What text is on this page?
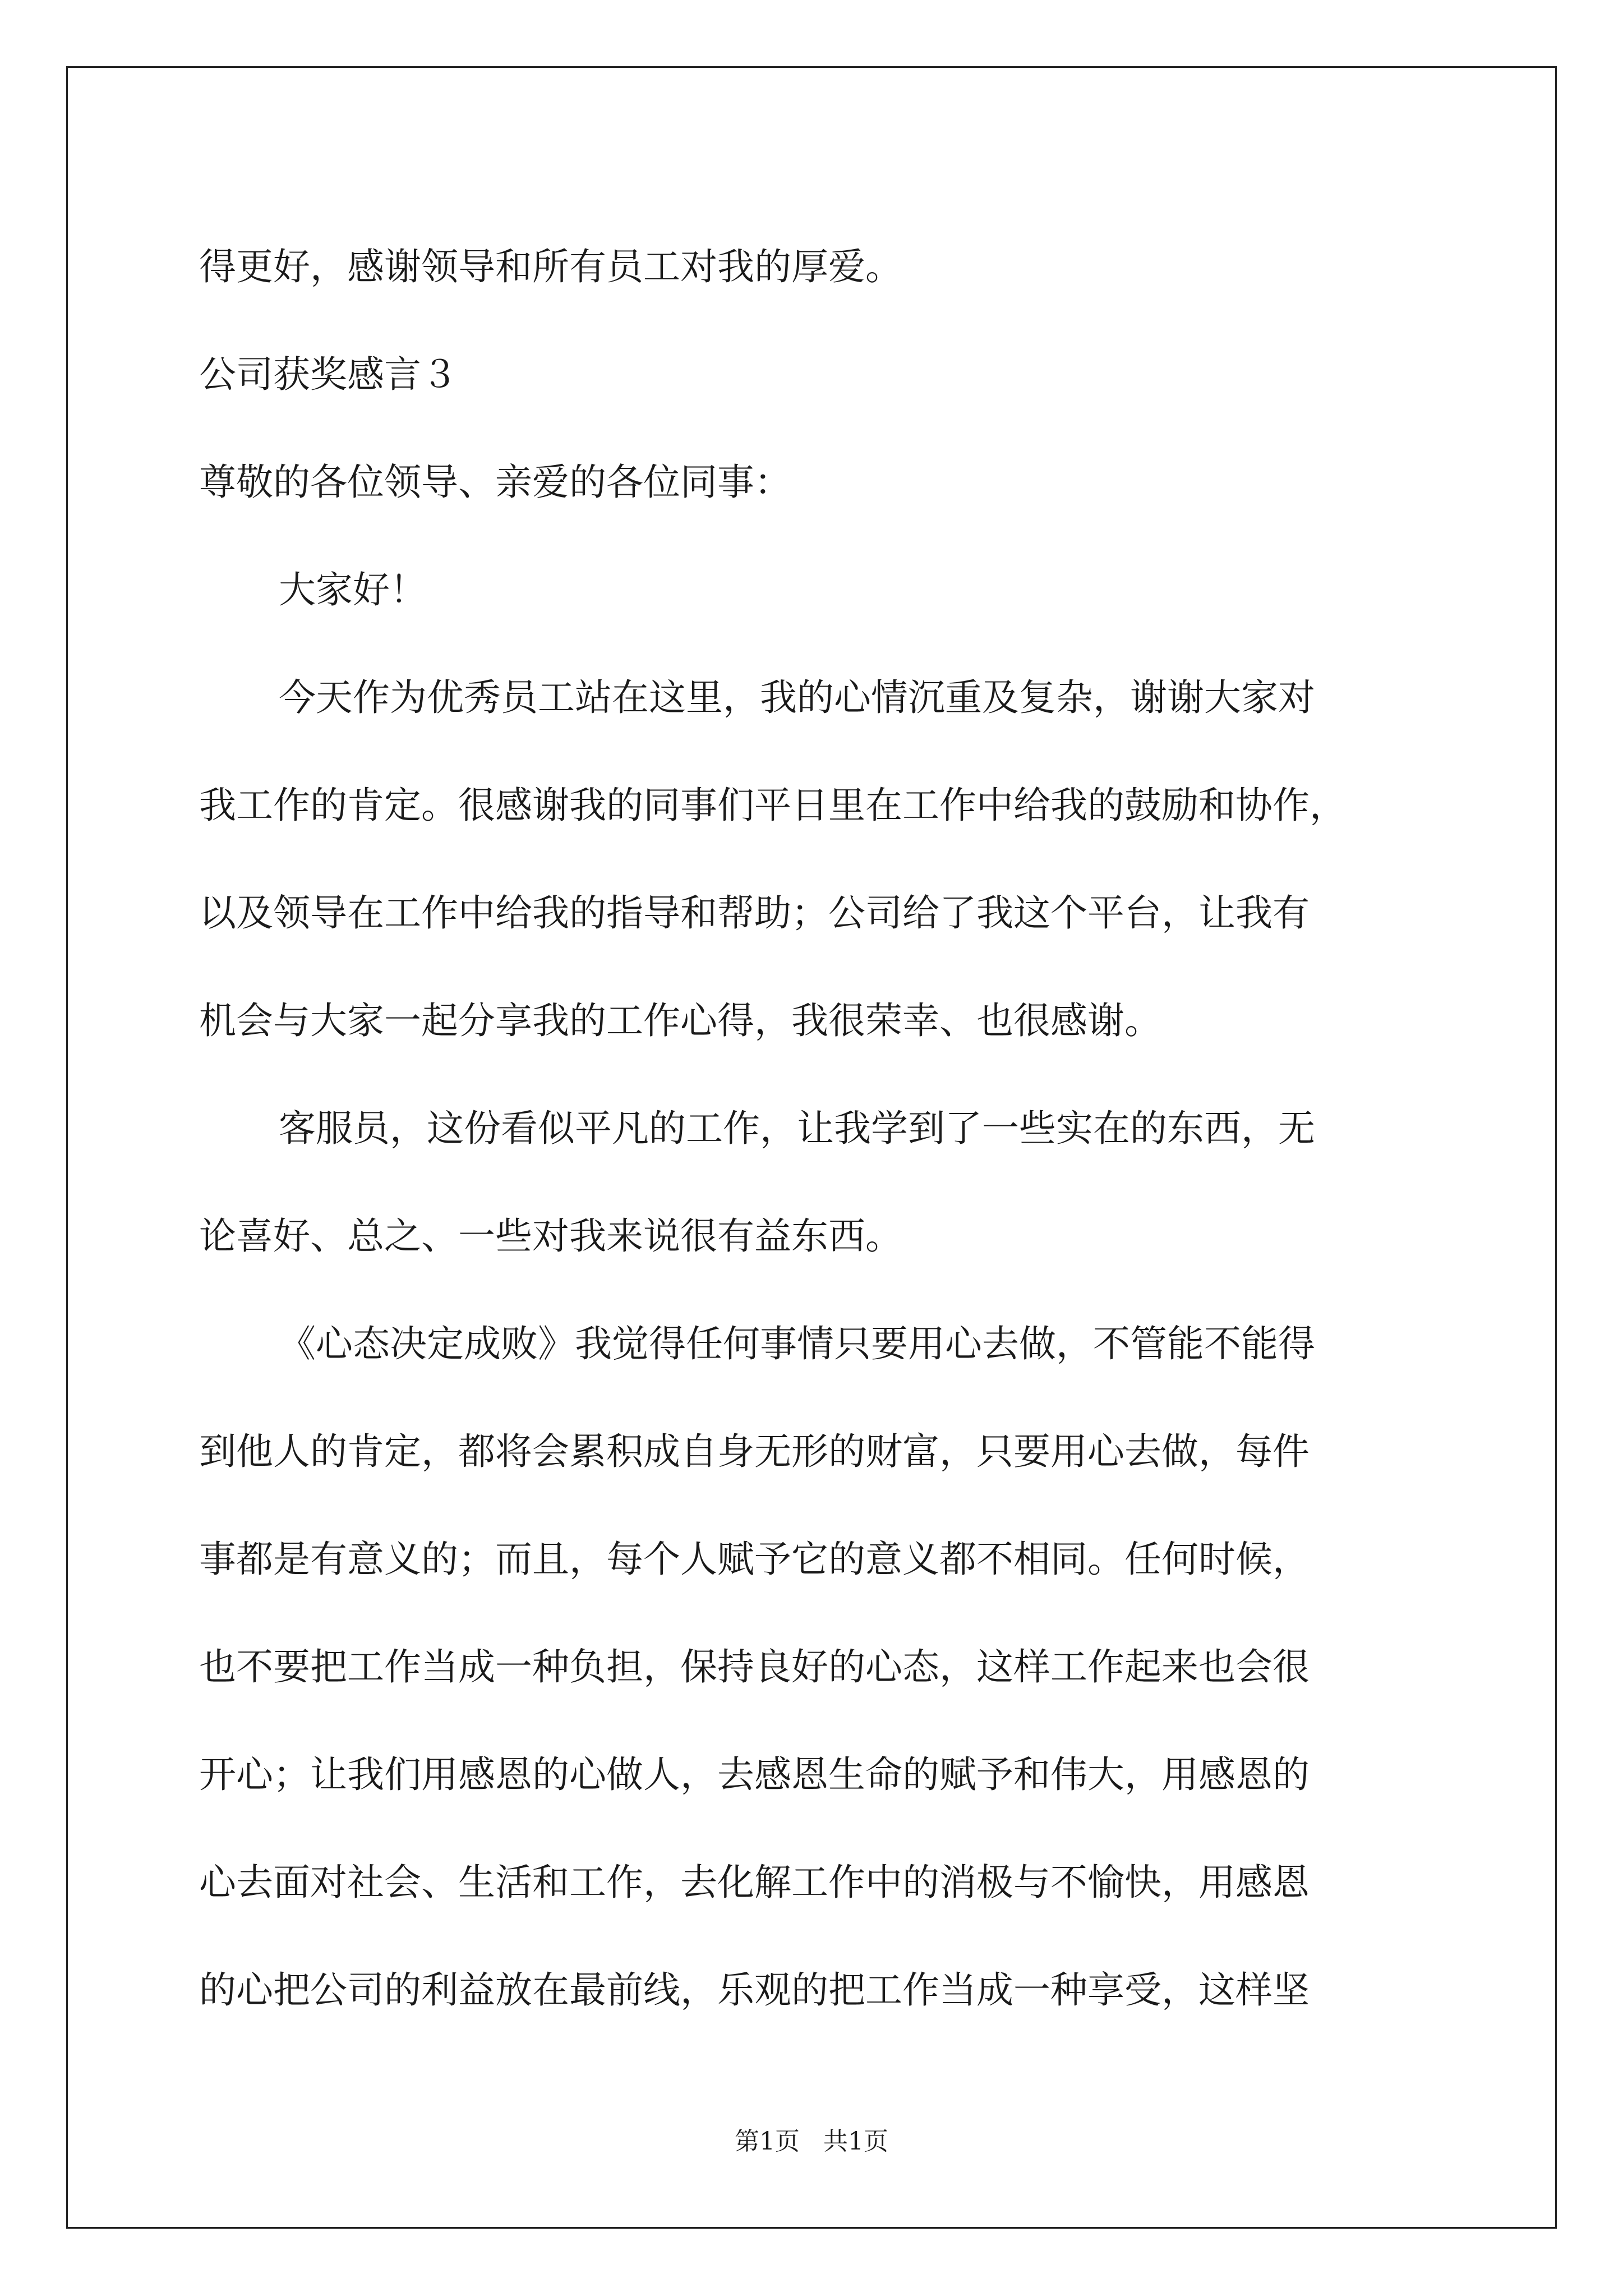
得更好，感谢领导和所有员工对我的厚爱。
公司获奖感言３
尊敬的各位领导、亲爱的各位同事：
大家好！
今天作为优秀员工站在这里，我的心情沉重及复杂，谢谢大家对
我工作的肯定。很感谢我的同事们平日里在工作中给我的鼓励和协作，
以及领导在工作中给我的指导和帮助；公司给了我这个平台，让我有
机会与大家一起分享我的工作心得，我很荣幸、也很感谢。
客服员，这份看似平凡的工作，让我学到了一些实在的东西，无
论喜好、总之、一些对我来说很有益东西。
《心态决定成败》我觉得任何事情只要用心去做，不管能不能得
到他人的肯定，都将会累积成自身无形的财富，只要用心去做，每件
事都是有意义的；而且，每个人赋予它的意义都不相同。任何时候，
也不要把工作当成一种负担，保持良好的心态，这样工作起来也会很
开心；让我们用感恩的心做人，去感恩生命的赋予和伟大，用感恩的
心去面对社会、生活和工作，去化解工作中的消极与不愉快，用感恩
的心把公司的利益放在最前线，乐观的把工作当成一种享受，这样坚
第1页   共1页
